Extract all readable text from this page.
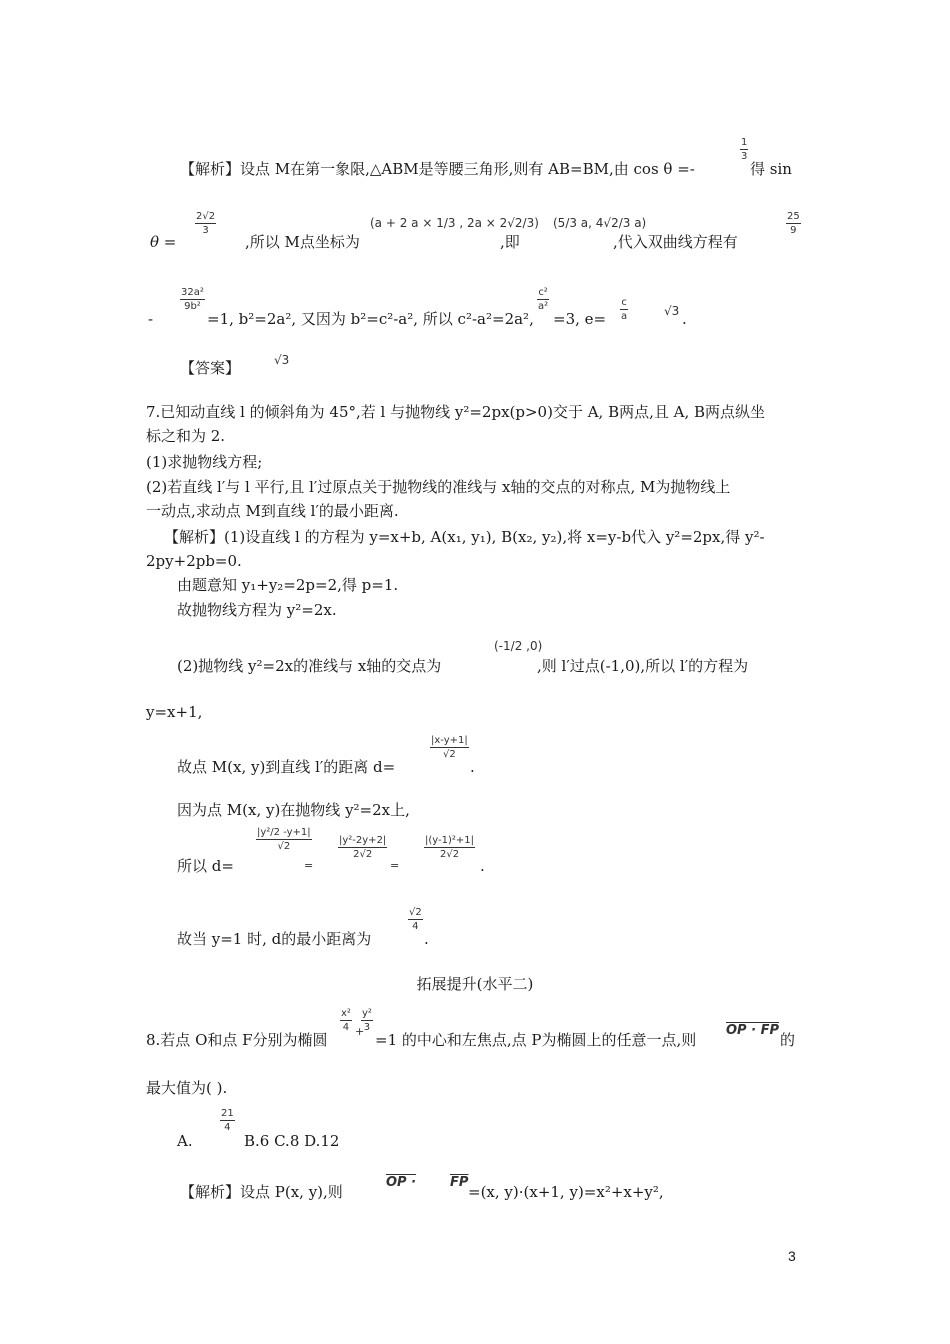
【解析】设点 M在第一象限,△ABM是等腰三角形,则有 AB=BM,由 cos θ =-
1
3
得 sin
θ =
2√2
3
,所以 M点坐标为
(a + 2 a × 1/3 , 2a × 2√2/3)
,即
(5/3 a, 4√2/3 a)
,代入双曲线方程有
25
9
-
32a²
9b²
=1, b²=2a², 又因为 b²=c²-a², 所以 c²-a²=2a²,
c²
a²
=3, e=
c
a	√3 .
【答案】	√3
7.已知动直线 l 的倾斜角为 45°,若 l 与抛物线 y²=2px(p>0)交于 A, B两点,且 A, B两点纵坐
标之和为 2.
(1)求抛物线方程;
(2)若直线 l′与 l 平行,且 l′过原点关于抛物线的准线与 x轴的交点的对称点, M为抛物线上
一动点,求动点 M到直线 l′的最小距离.
【解析】(1)设直线 l 的方程为 y=x+b, A(x₁, y₁), B(x₂, y₂),将 x=y-b代入 y²=2px,得 y²-
2py+2pb=0.
由题意知 y₁+y₂=2p=2,得 p=1.
故抛物线方程为 y²=2x.
(2)抛物线 y²=2x的准线与 x轴的交点为
(-1/2 ,0)
,则 l′过点(-1,0),所以 l′的方程为
y=x+1,
故点 M(x, y)到直线 l′的距离 d=
|x-y+1|
√2
.
因为点 M(x, y)在抛物线 y²=2x上,
所以 d=
|y²/2 -y+1|
√2
=
|y²-2y+2|
2√2
=
|(y-1)²+1|
2√2
.
故当 y=1 时, d的最小距离为
√2
4
.
拓展提升(水平二)
8.若点 O和点 F分别为椭圆
x²
4 +
y²
3
=1 的中心和左焦点,点 P为椭圆上的任意一点,则
OP · FP
的
最大值为( ).
A.
21
4
B.6 C.8 D.12
【解析】设点 P(x, y),则
OP ·	$\overline{FP}$
=(x, y)·(x+1, y)=x²+x+y²,
3
